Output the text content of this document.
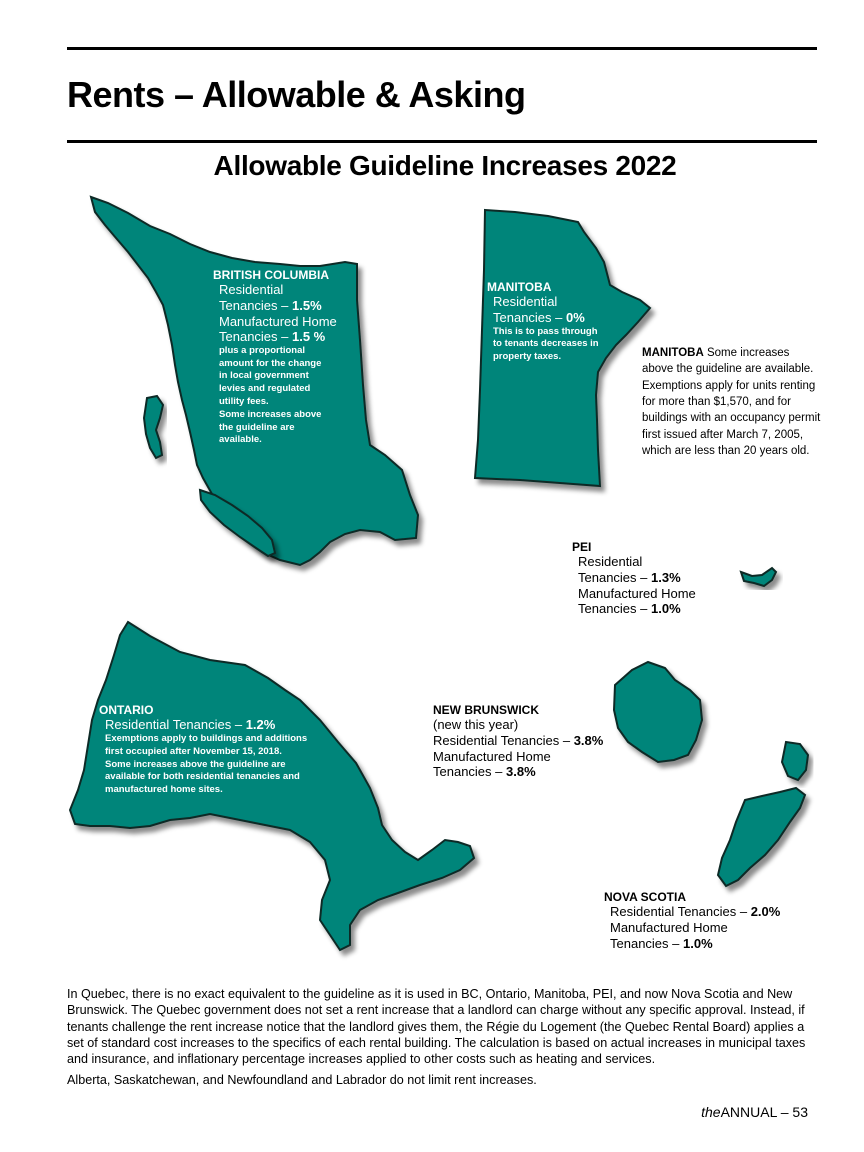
Rents – Allowable & Asking
Allowable Guideline Increases 2022
BRITISH COLUMBIA
Residential
Tenancies – 1.5%
Manufactured Home
Tenancies – 1.5 %
plus a proportional
amount for the change
in local government
levies and regulated
utility fees.
Some increases above
the guideline are
available.
MANITOBA
Residential
Tenancies – 0%
This is to pass through
to tenants decreases in
property taxes.	MANITOBA Some increases above the guideline are available.
Exemptions apply for units renting for more than $1,570, and for buildings with an occupancy permit first issued after March 7, 2005, which are less than 20 years old.
PEI
Residential
Tenancies – 1.3%
Manufactured Home
Tenancies – 1.0%
ONTARIO
Residential Tenancies – 1.2%
Exemptions apply to buildings and additions
first occupied after November 15, 2018.
Some increases above the guideline are
available for both residential tenancies and
manufactured home sites.
NEW BRUNSWICK
(new this year)
Residential Tenancies – 3.8%
Manufactured Home
Tenancies – 3.8%
NOVA SCOTIA
Residential Tenancies – 2.0%
Manufactured Home
Tenancies – 1.0%

In Quebec, there is no exact equivalent to the guideline as it is used in BC, Ontario, Manitoba, PEI, and now Nova Scotia and New Brunswick. The Quebec government does not set a rent increase that a landlord can charge without any specific approval. Instead, if tenants challenge the rent increase notice that the landlord gives them, the Régie du Logement (the Quebec Rental Board) applies a set of standard cost increases to the specifics of each rental building. The calculation is based on actual increases in municipal taxes and insurance, and inflationary percentage increases applied to other costs such as heating and services.

Alberta, Saskatchewan, and Newfoundland and Labrador do not limit rent increases.

theANNUAL – 53
